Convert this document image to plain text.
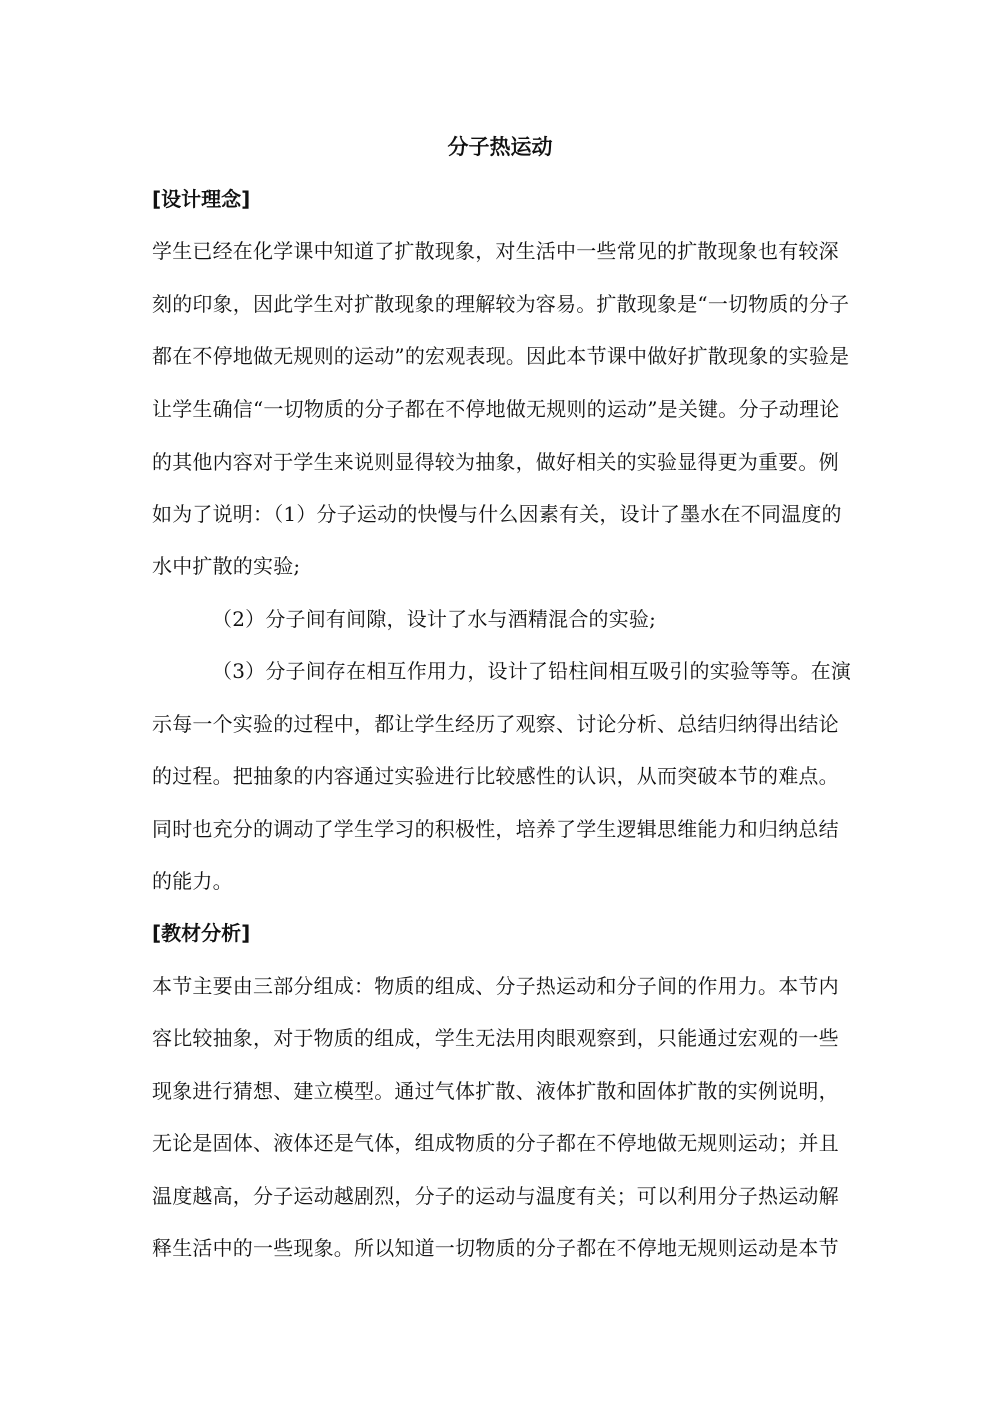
分子热运动
[设计理念]
学生已经在化学课中知道了扩散现象，对生活中一些常见的扩散现象也有较深
刻的印象，因此学生对扩散现象的理解较为容易。扩散现象是“一切物质的分子
都在不停地做无规则的运动”的宏观表现。因此本节课中做好扩散现象的实验是
让学生确信“一切物质的分子都在不停地做无规则的运动”是关键。分子动理论
的其他内容对于学生来说则显得较为抽象，做好相关的实验显得更为重要。例
如为了说明：（1）分子运动的快慢与什么因素有关，设计了墨水在不同温度的
水中扩散的实验;
（2）分子间有间隙，设计了水与酒精混合的实验;
（3）分子间存在相互作用力，设计了铅柱间相互吸引的实验等等。在演
示每一个实验的过程中，都让学生经历了观察、讨论分析、总结归纳得出结论
的过程。把抽象的内容通过实验进行比较感性的认识，从而突破本节的难点。
同时也充分的调动了学生学习的积极性，培养了学生逻辑思维能力和归纳总结
的能力。
[教材分析]
本节主要由三部分组成：物质的组成、分子热运动和分子间的作用力。本节内
容比较抽象，对于物质的组成，学生无法用肉眼观察到，只能通过宏观的一些
现象进行猜想、建立模型。通过气体扩散、液体扩散和固体扩散的实例说明，
无论是固体、液体还是气体，组成物质的分子都在不停地做无规则运动；并且
温度越高，分子运动越剧烈，分子的运动与温度有关；可以利用分子热运动解
释生活中的一些现象。所以知道一切物质的分子都在不停地无规则运动是本节
